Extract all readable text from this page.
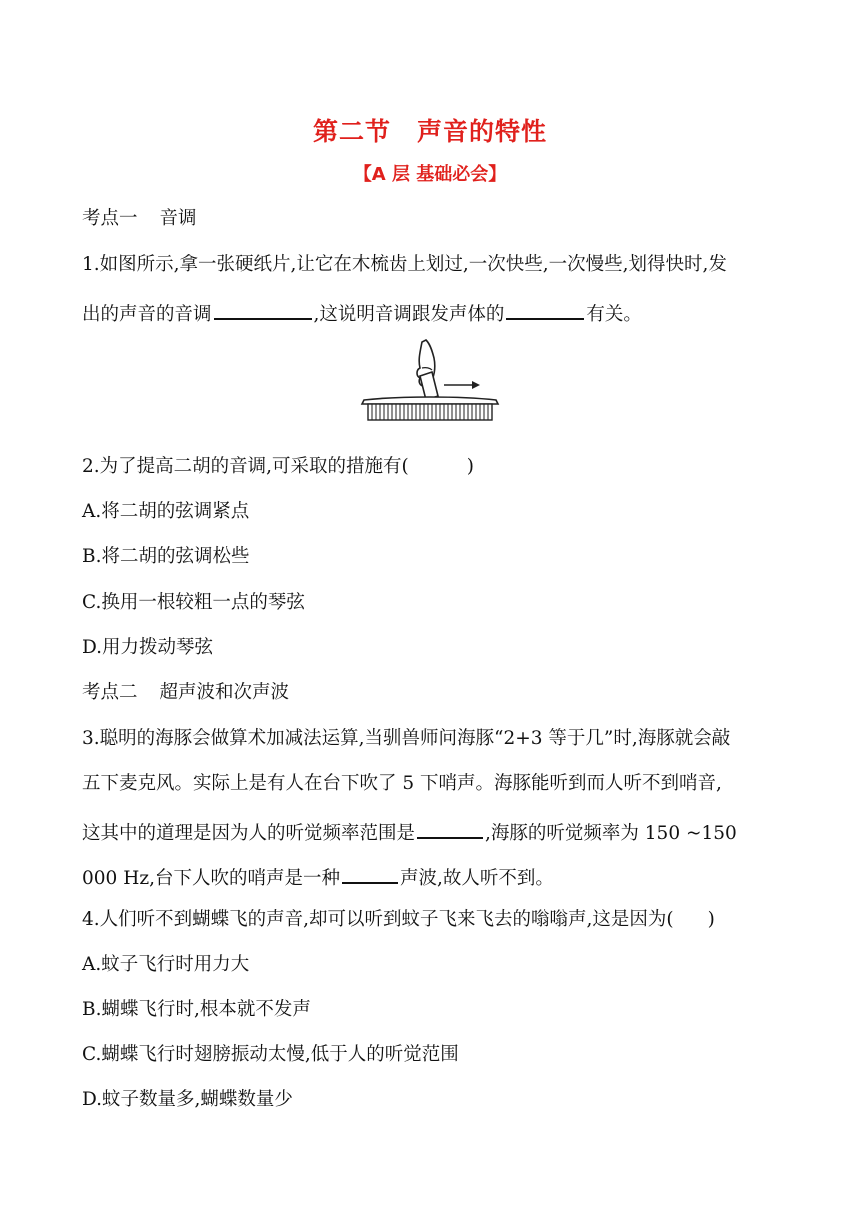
第二节 声音的特性
【A 层 基础必会】
考点一 音调
1.如图所示,拿一张硬纸片,让它在木梳齿上划过,一次快些,一次慢些,划得快时,发
出的声音的音调	,这说明音调跟发声体的	有关。
2.为了提高二胡的音调,可采取的措施有(	)
A.将二胡的弦调紧点
B.将二胡的弦调松些
C.换用一根较粗一点的琴弦
D.用力拨动琴弦
考点二 超声波和次声波
3.聪明的海豚会做算术加减法运算,当驯兽师问海豚“2+3 等于几”时,海豚就会敲
五下麦克风。实际上是有人在台下吹了 5 下哨声。海豚能听到而人听不到哨音,
这其中的道理是因为人的听觉频率范围是	,海豚的听觉频率为 150 ~150
000 Hz,台下人吹的哨声是一种	声波,故人听不到。
4.人们听不到蝴蝶飞的声音,却可以听到蚊子飞来飞去的嗡嗡声,这是因为( )
A.蚊子飞行时用力大
B.蝴蝶飞行时,根本就不发声
C.蝴蝶飞行时翅膀振动太慢,低于人的听觉范围
D.蚊子数量多,蝴蝶数量少
